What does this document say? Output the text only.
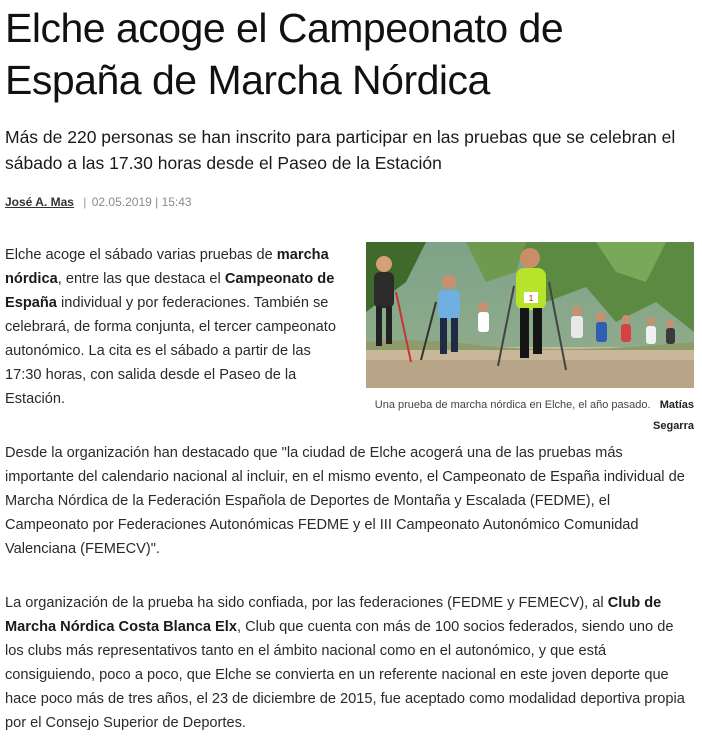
Elche acoge el Campeonato de España de Marcha Nórdica

Más de 220 personas se han inscrito para participar en las pruebas que se celebran el sábado a las 17.30 horas desde el Paseo de la Estación

José A. Mas | 02.05.2019 | 15:43

Elche acoge el sábado varias pruebas de marcha nórdica, entre las que destaca el Campeonato de España individual y por federaciones. También se celebrará, de forma conjunta, el tercer campeonato autonómico. La cita es el sábado a partir de las 17:30 horas, con salida desde el Paseo de la Estación.

1
Una prueba de marcha nórdica en Elche, el año pasado. Matías Segarra

Desde la organización han destacado que "la ciudad de Elche acogerá una de las pruebas más importante del calendario nacional al incluir, en el mismo evento, el Campeonato de España individual de Marcha Nórdica de la Federación Española de Deportes de Montaña y Escalada (FEDME), el Campeonato por Federaciones Autonómicas FEDME y el III Campeonato Autonómico Comunidad Valenciana (FEMECV)".

La organización de la prueba ha sido confiada, por las federaciones (FEDME y FEMECV), al Club de Marcha Nórdica Costa Blanca Elx, Club que cuenta con más de 100 socios federados, siendo uno de los clubs más representativos tanto en el ámbito nacional como en el autonómico, y que está consiguiendo, poco a poco, que Elche se convierta en un referente nacional en este joven deporte que hace poco más de tres años, el 23 de diciembre de 2015, fue aceptado como modalidad deportiva propia por el Consejo Superior de Deportes.
